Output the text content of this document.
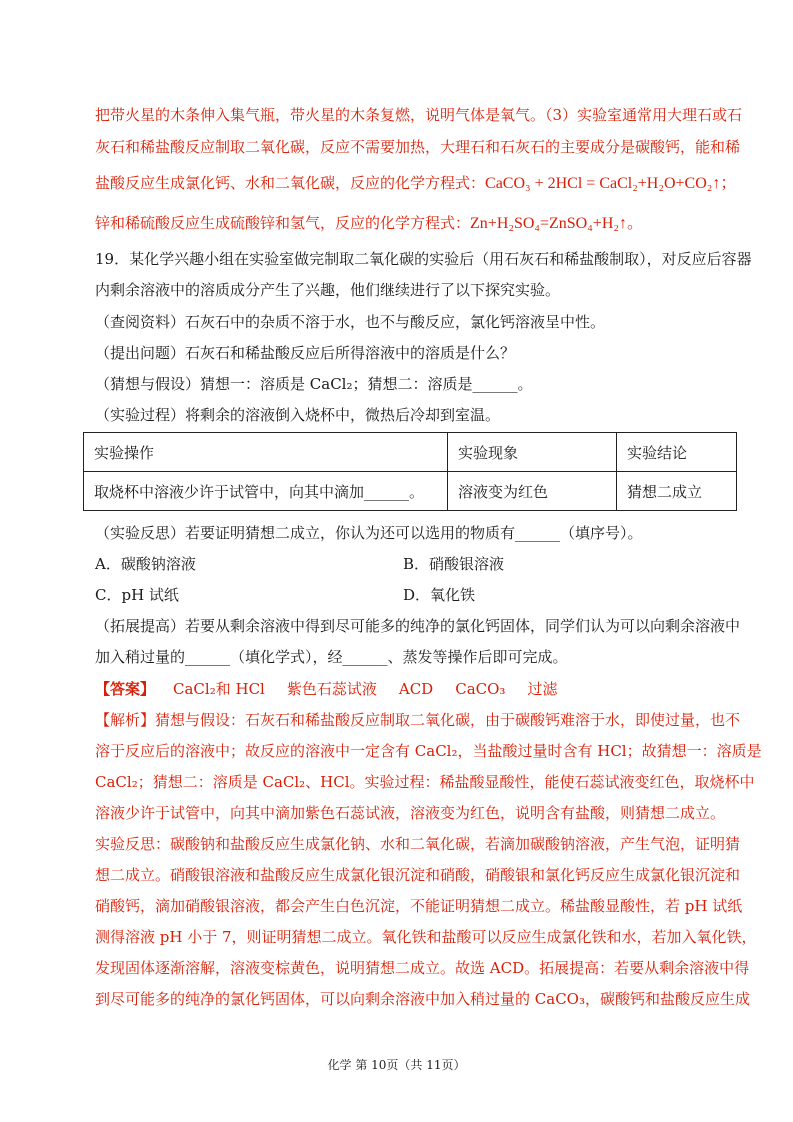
把带火星的木条伸入集气瓶，带火星的木条复燃，说明气体是氧气。（3）实验室通常用大理石或石
灰石和稀盐酸反应制取二氧化碳，反应不需要加热，大理石和石灰石的主要成分是碳酸钙，能和稀
盐酸反应生成氯化钙、水和二氧化碳，反应的化学方程式：CaCO₃ + 2HCl = CaCl₂+H₂O+CO₂↑；
锌和稀硫酸反应生成硫酸锌和氢气，反应的化学方程式：Zn+H₂SO₄=ZnSO₄+H₂↑。
19．某化学兴趣小组在实验室做完制取二氧化碳的实验后（用石灰石和稀盐酸制取），对反应后容器
内剩余溶液中的溶质成分产生了兴趣，他们继续进行了以下探究实验。
（查阅资料）石灰石中的杂质不溶于水，也不与酸反应，氯化钙溶液呈中性。
（提出问题）石灰石和稀盐酸反应后所得溶液中的溶质是什么？
（猜想与假设）猜想一：溶质是 CaCl₂；猜想二：溶质是______。
（实验过程）将剩余的溶液倒入烧杯中，微热后冷却到室温。
实验操作	实验现象	实验结论
取烧杯中溶液少许于试管中，向其中滴加______。	溶液变为红色	猜想二成立
（实验反思）若要证明猜想二成立，你认为还可以选用的物质有______（填序号）。
A．碳酸钠溶液	B．硝酸银溶液
C．pH 试纸	D．氧化铁
（拓展提高）若要从剩余溶液中得到尽可能多的纯净的氯化钙固体，同学们认为可以向剩余溶液中
加入稍过量的______（填化学式），经______、蒸发等操作后即可完成。
【答案】 CaCl₂和 HCl 紫色石蕊试液 ACD CaCO₃ 过滤
【解析】猜想与假设：石灰石和稀盐酸反应制取二氧化碳，由于碳酸钙难溶于水，即使过量，也不
溶于反应后的溶液中；故反应的溶液中一定含有 CaCl₂，当盐酸过量时含有 HCl；故猜想一：溶质是
CaCl₂；猜想二：溶质是 CaCl₂、HCl。实验过程：稀盐酸显酸性，能使石蕊试液变红色，取烧杯中
溶液少许于试管中，向其中滴加紫色石蕊试液，溶液变为红色，说明含有盐酸，则猜想二成立。
实验反思：碳酸钠和盐酸反应生成氯化钠、水和二氧化碳，若滴加碳酸钠溶液，产生气泡，证明猜
想二成立。硝酸银溶液和盐酸反应生成氯化银沉淀和硝酸，硝酸银和氯化钙反应生成氯化银沉淀和
硝酸钙，滴加硝酸银溶液，都会产生白色沉淀，不能证明猜想二成立。稀盐酸显酸性，若 pH 试纸
测得溶液 pH 小于 7，则证明猜想二成立。氧化铁和盐酸可以反应生成氯化铁和水，若加入氧化铁，
发现固体逐渐溶解，溶液变棕黄色，说明猜想二成立。故选 ACD。拓展提高：若要从剩余溶液中得
到尽可能多的纯净的氯化钙固体，可以向剩余溶液中加入稍过量的 CaCO₃，碳酸钙和盐酸反应生成
化学 第 10页（共 11页）
